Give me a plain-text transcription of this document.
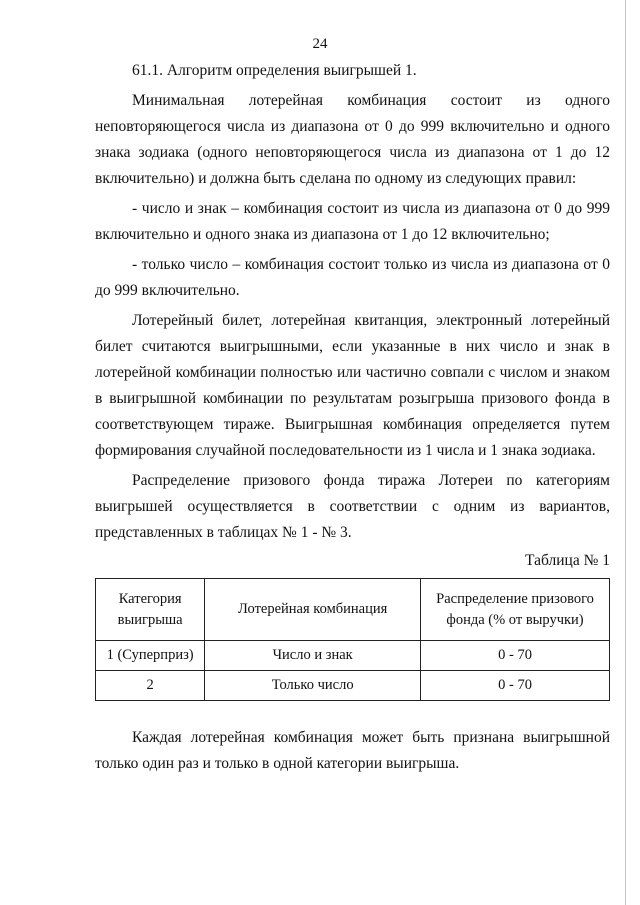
24

61.1. Алгоритм определения выигрышей 1.

Минимальная лотерейная комбинация состоит из одного неповторяющегося числа из диапазона от 0 до 999 включительно и одного знака зодиака (одного неповторяющегося числа из диапазона от 1 до 12 включительно) и должна быть сделана по одному из следующих правил:

- число и знак – комбинация состоит из числа из диапазона от 0 до 999 включительно и одного знака из диапазона от 1 до 12 включительно;

- только число – комбинация состоит только из числа из диапазона от 0 до 999 включительно.

Лотерейный билет, лотерейная квитанция, электронный лотерейный билет считаются выигрышными, если указанные в них число и знак в лотерейной комбинации полностью или частично совпали с числом и знаком в выигрышной комбинации по результатам розыгрыша призового фонда в соответствующем тираже. Выигрышная комбинация определяется путем формирования случайной последовательности из 1 числа и 1 знака зодиака.

Распределение призового фонда тиража Лотереи по категориям выигрышей осуществляется в соответствии с одним из вариантов, представленных в таблицах № 1 - № 3.

Таблица № 1
Категория выигрыша	Лотерейная комбинация	Распределение призового фонда (% от выручки)
1 (Суперприз)	Число и знак	0 - 70
2	Только число	0 - 70

Каждая лотерейная комбинация может быть признана выигрышной только один раз и только в одной категории выигрыша.
